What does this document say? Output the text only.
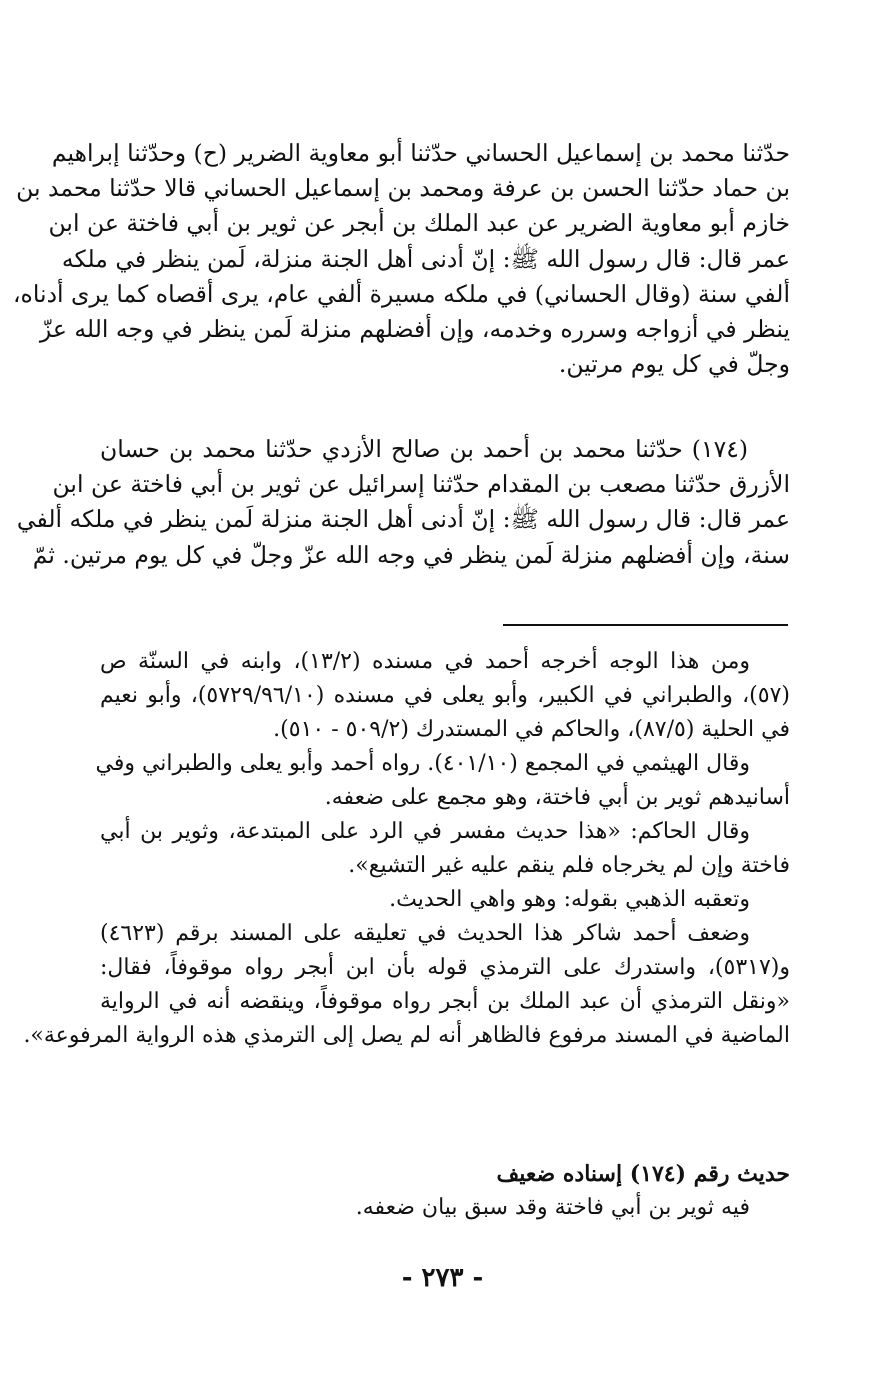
حدّثنا محمد بن إسماعيل الحساني حدّثنا أبو معاوية الضرير (ح) وحدّثنا إبراهيم
بن حماد حدّثنا الحسن بن عرفة ومحمد بن إسماعيل الحساني قالا حدّثنا محمد بن
خازم أبو معاوية الضرير عن عبد الملك بن أبجر عن ثوير بن أبي فاختة عن ابن
عمر قال: قال رسول الله ﷺ: إنّ أدنى أهل الجنة منزلة، لَمن ينظر في ملكه
ألفي سنة (وقال الحساني) في ملكه مسيرة ألفي عام، يرى أقصاه كما يرى أدناه،
ينظر في أزواجه وسرره وخدمه، وإن أفضلهم منزلة لَمن ينظر في وجه الله عزّ
وجلّ في كل يوم مرتين.
(١٧٤) حدّثنا محمد بن أحمد بن صالح الأزدي حدّثنا محمد بن حسان
الأزرق حدّثنا مصعب بن المقدام حدّثنا إسرائيل عن ثوير بن أبي فاختة عن ابن
عمر قال: قال رسول الله ﷺ: إنّ أدنى أهل الجنة منزلة لَمن ينظر في ملكه ألفي
سنة، وإن أفضلهم منزلة لَمن ينظر في وجه الله عزّ وجلّ في كل يوم مرتين. ثمّ
ومن هذا الوجه أخرجه أحمد في مسنده (١٣/٢)، وابنه في السنّة ص
(٥٧)، والطبراني في الكبير، وأبو يعلى في مسنده (٥٧٢٩/٩٦/١٠)، وأبو نعيم
في الحلية (٨٧/٥)، والحاكم في المستدرك (٥٠٩/٢ - ٥١٠).
وقال الهيثمي في المجمع (٤٠١/١٠). رواه أحمد وأبو يعلى والطبراني وفي
أسانيدهم ثوير بن أبي فاختة، وهو مجمع على ضعفه.
وقال الحاكم: «هذا حديث مفسر في الرد على المبتدعة، وثوير بن أبي
فاختة وإن لم يخرجاه فلم ينقم عليه غير التشيع».
وتعقبه الذهبي بقوله: وهو واهي الحديث.
وضعف أحمد شاكر هذا الحديث في تعليقه على المسند برقم (٤٦٢٣)
و(٥٣١٧)، واستدرك على الترمذي قوله بأن ابن أبجر رواه موقوفاً، فقال:
«ونقل الترمذي أن عبد الملك بن أبجر رواه موقوفاً، وينقضه أنه في الرواية
الماضية في المسند مرفوع فالظاهر أنه لم يصل إلى الترمذي هذه الرواية المرفوعة».
حديث رقم (١٧٤) إسناده ضعيف
فيه ثوير بن أبي فاختة وقد سبق بيان ضعفه.
- ٢٧٣ -
